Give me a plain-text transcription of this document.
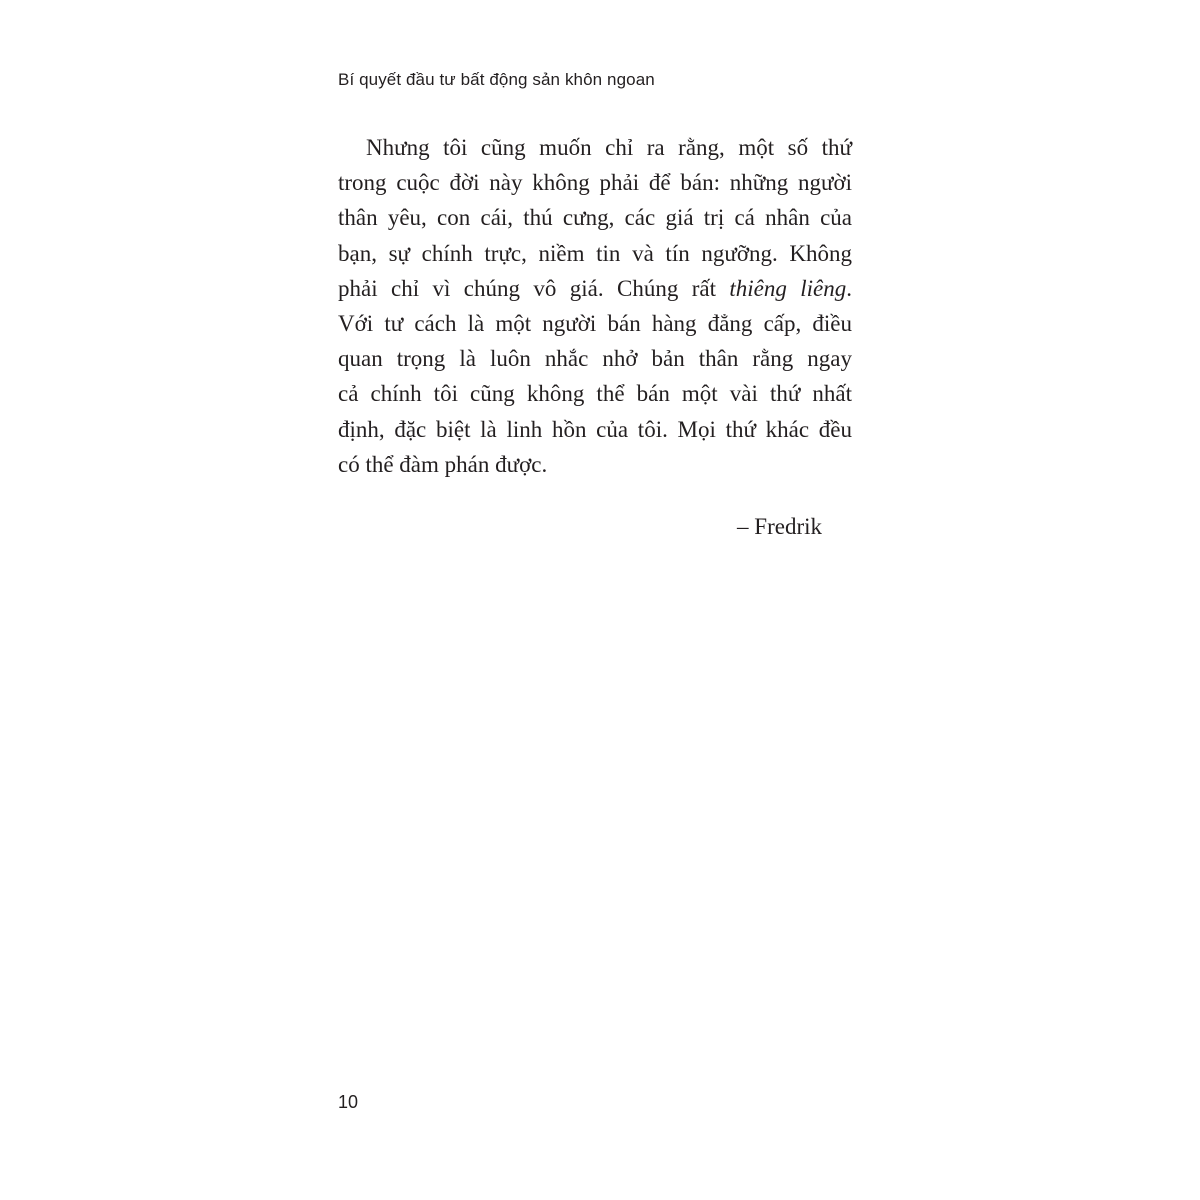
Bí quyết đầu tư bất động sản khôn ngoan
Nhưng tôi cũng muốn chỉ ra rằng, một số thứ
trong cuộc đời này không phải để bán: những người
thân yêu, con cái, thú cưng, các giá trị cá nhân của
bạn, sự chính trực, niềm tin và tín ngưỡng. Không
phải chỉ vì chúng vô giá. Chúng rất thiêng liêng.
Với tư cách là một người bán hàng đẳng cấp, điều
quan trọng là luôn nhắc nhở bản thân rằng ngay
cả chính tôi cũng không thể bán một vài thứ nhất
định, đặc biệt là linh hồn của tôi. Mọi thứ khác đều
có thể đàm phán được.
– Fredrik
10
